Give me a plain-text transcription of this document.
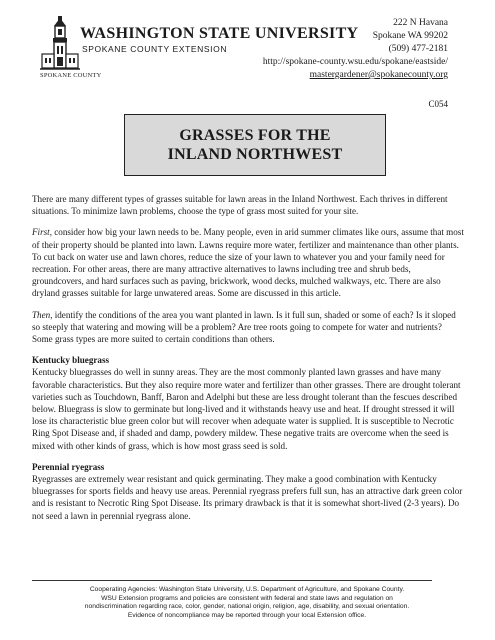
SPOKANE COUNTY
WASHINGTON STATE UNIVERSITY
SPOKANE COUNTY EXTENSION
222 N Havana
Spokane WA 99202
(509) 477-2181
http://spokane-county.wsu.edu/spokane/eastside/
mastergardener@spokanecounty.org
C054
GRASSES FOR THE
INLAND NORTHWEST

There are many different types of grasses suitable for lawn areas in the Inland Northwest. Each thrives in different situations. To minimize lawn problems, choose the type of grass most suited for your site.

First, consider how big your lawn needs to be. Many people, even in arid summer climates like ours, assume that most of their property should be planted into lawn. Lawns require more water, fertilizer and maintenance than other plants. To cut back on water use and lawn chores, reduce the size of your lawn to whatever you and your family need for recreation. For other areas, there are many attractive alternatives to lawns including tree and shrub beds, groundcovers, and hard surfaces such as paving, brickwork, wood decks, mulched walkways, etc. There are also dryland grasses suitable for large unwatered areas. Some are discussed in this article.

Then, identify the conditions of the area you want planted in lawn. Is it full sun, shaded or some of each? Is it sloped so steeply that watering and mowing will be a problem? Are tree roots going to compete for water and nutrients? Some grass types are more suited to certain conditions than others.

Kentucky bluegrass

Kentucky bluegrasses do well in sunny areas. They are the most commonly planted lawn grasses and have many favorable characteristics. But they also require more water and fertilizer than other grasses. There are drought tolerant varieties such as Touchdown, Banff, Baron and Adelphi but these are less drought tolerant than the fescues described below. Bluegrass is slow to germinate but long-lived and it withstands heavy use and heat. If drought stressed it will lose its characteristic blue green color but will recover when adequate water is supplied. It is susceptible to Necrotic Ring Spot Disease and, if shaded and damp, powdery mildew. These negative traits are overcome when the seed is mixed with other kinds of grass, which is how most grass seed is sold.

Perennial ryegrass

Ryegrasses are extremely wear resistant and quick germinating. They make a good combination with Kentucky bluegrasses for sports fields and heavy use areas. Perennial ryegrass prefers full sun, has an attractive dark green color and is resistant to Necrotic Ring Spot Disease. Its primary drawback is that it is somewhat short-lived (2-3 years). Do not seed a lawn in perennial ryegrass alone.

Cooperating Agencies: Washington State University, U.S. Department of Agriculture, and Spokane County.
WSU Extension programs and policies are consistent with federal and state laws and regulation on
nondiscrimination regarding race, color, gender, national origin, religion, age, disability, and sexual orientation.
Evidence of noncompliance may be reported through your local Extension office.
